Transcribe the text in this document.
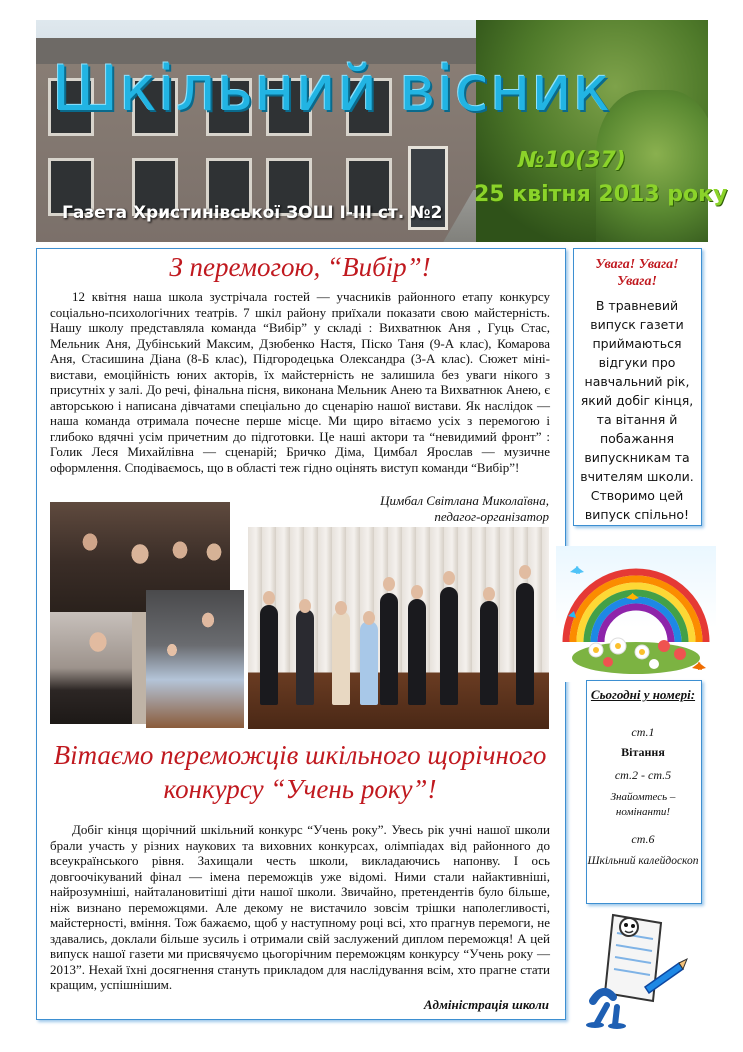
Шкільний вісник
№10(37)
25 квітня 2013 року
Газета Христинівської ЗОШ І-ІІІ ст. №2
З перемогою, “Вибір”!

12 квітня наша школа зустрічала гостей — учасників районного етапу конкурсу соціально-психологічних театрів. 7 шкіл району приїхали показати свою майстерність. Нашу школу представляла команда “Вибір” у складі : Вихватнюк Аня , Гуць Стас, Мельник Аня, Дубінський Максим, Дзюбенко Настя, Піско Таня (9-А клас), Комарова Аня, Стасишина Діана (8-Б клас), Підгородецька Олександра (3-А клас). Сюжет міні-вистави, емоційність юних акторів, їх майстерність не залишила без уваги нікого з присутніх у залі. До речі, фінальна пісня, виконана Мельник Анею та Вихватнюк Анею, є авторською і написана дівчатами спеціально до сценарію нашої вистави. Як наслідок — наша команда отримала почесне перше місце. Ми щиро вітаємо усіх з перемогою і глибоко вдячні усім причетним до підготовки. Це наші актори та “невидимий фронт” : Голик Леся Михайлівна — сценарій; Бричко Діма, Цимбал Ярослав — музичне оформлення. Сподіваємось, що в області теж гідно оцінять виступ команди “Вибір”!

Цимбал Світлана Миколаївна,
педагог-організатор
Вітаємо переможців шкільного щорічного конкурсу “Учень року”!

Добіг кінця щорічний шкільний конкурс “Учень року”. Увесь рік учні нашої школи брали участь у різних наукових та виховних конкурсах, олімпіадах від районного до всеукраїнського рівня. Захищали честь школи, викладаючись напонву. І ось довгоочікуваний фінал — імена переможців уже відомі. Ними стали найактивніші, найрозумніші, найталановитіші діти нашої школи. Звичайно, претендентів було більше, ніж визнано переможцями. Але декому не вистачило зовсім трішки наполегливості, майстерності, вміння. Тож бажаємо, щоб у наступному році всі, хто прагнув перемоги, не здавались, доклали більше зусиль і отримали свій заслужений диплом переможця! А цей випуск нашої газети ми присвячуємо цьогорічним переможцям конкурсу “Учень року — 2013”. Нехай їхні досягнення стануть прикладом для наслідування всім, хто прагне стати кращим, успішнішим.

Адміністрація школи
Увага! Увага! Увага!
В травневий випуск газети приймаються відгуки про навчальний рік, який добіг кінця, та вітання й побажання випускникам та вчителям школи. Створимо цей випуск спільно!
Сьогодні у номері:
ст.1
Вітання
ст.2 - ст.5
Знайомтесь – номінанти!
ст.6
Шкільний калейдоскоп
